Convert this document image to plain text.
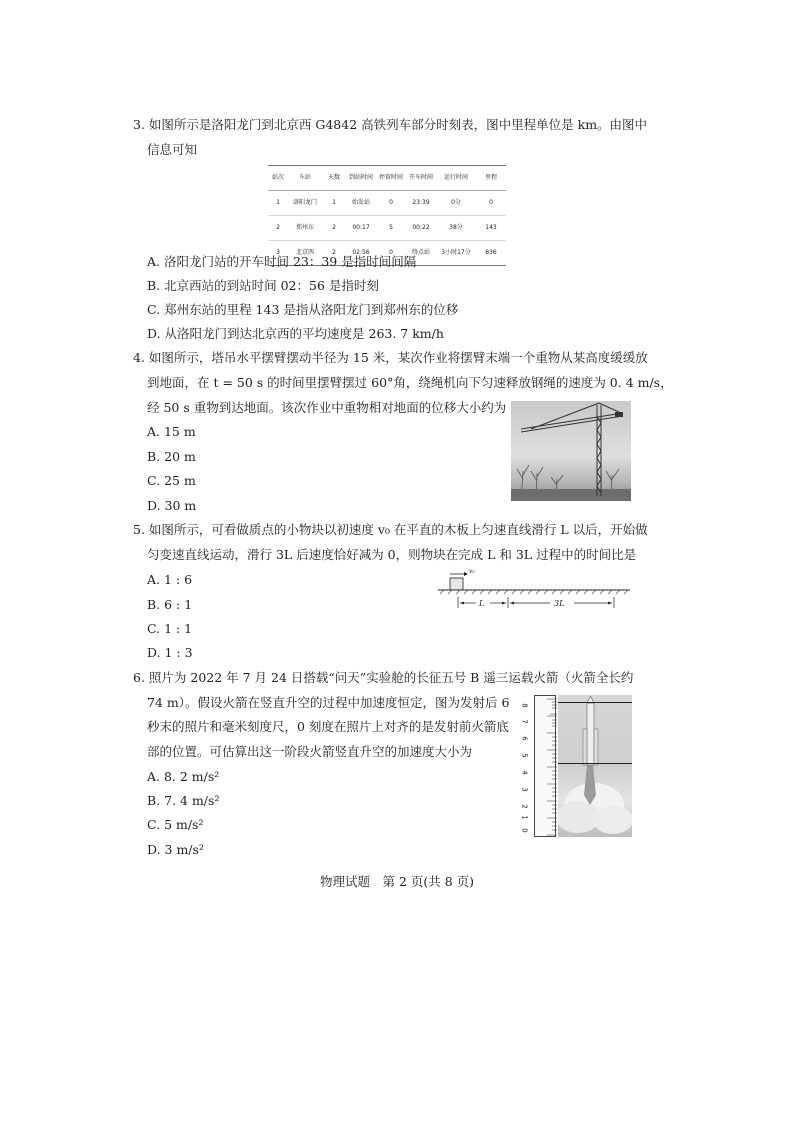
3. 如图所示是洛阳龙门到北京西 G4842 高铁列车部分时刻表，图中里程单位是 km。由图中
信息可知
站次	车站	天数	到站时间	停留时间	开车时间	运行时间	里程
1	洛阳龙门	1	始发站	0	23:39	0分	0
2	郑州东	2	00:17	5	00:22	38分	143
3	北京西	2	02:56	0	终点站	3小时17分	836
A. 洛阳龙门站的开车时间 23：39 是指时间间隔
B. 北京西站的到站时间 02：56 是指时刻
C. 郑州东站的里程 143 是指从洛阳龙门到郑州东的位移
D. 从洛阳龙门到达北京西的平均速度是 263. 7 km/h
4. 如图所示，塔吊水平摆臂摆动半径为 15 米，某次作业将摆臂末端一个重物从某高度缓缓放
到地面，在 t = 50 s 的时间里摆臂摆过 60°角，绕绳机向下匀速释放钢绳的速度为 0. 4 m/s，
经 50 s 重物到达地面。该次作业中重物相对地面的位移大小约为
A. 15 m
B. 20 m
C. 25 m
D. 30 m
5. 如图所示，可看做质点的小物块以初速度 v₀ 在平直的木板上匀速直线滑行 L 以后，开始做
匀变速直线运动，滑行 3L 后速度恰好减为 0，则物块在完成 L 和 3L 过程中的时间比是
A. 1 : 6
B. 6 : 1
C. 1 : 1
D. 1 : 3
v₀
L	3L
6. 照片为 2022 年 7 月 24 日搭载“问天”实验舱的长征五号 B 遥三运载火箭（火箭全长约
74 m）。假设火箭在竖直升空的过程中加速度恒定，图为发射后 6
秒末的照片和毫米刻度尺，0 刻度在照片上对齐的是发射前火箭底
部的位置。可估算出这一阶段火箭竖直升空的加速度大小为
A. 8. 2 m/s²
B. 7. 4 m/s²
C. 5 m/s²
D. 3 m/s²
8
7
6
5
4
3
2
1
0
物理试题　第 2 页(共 8 页)
